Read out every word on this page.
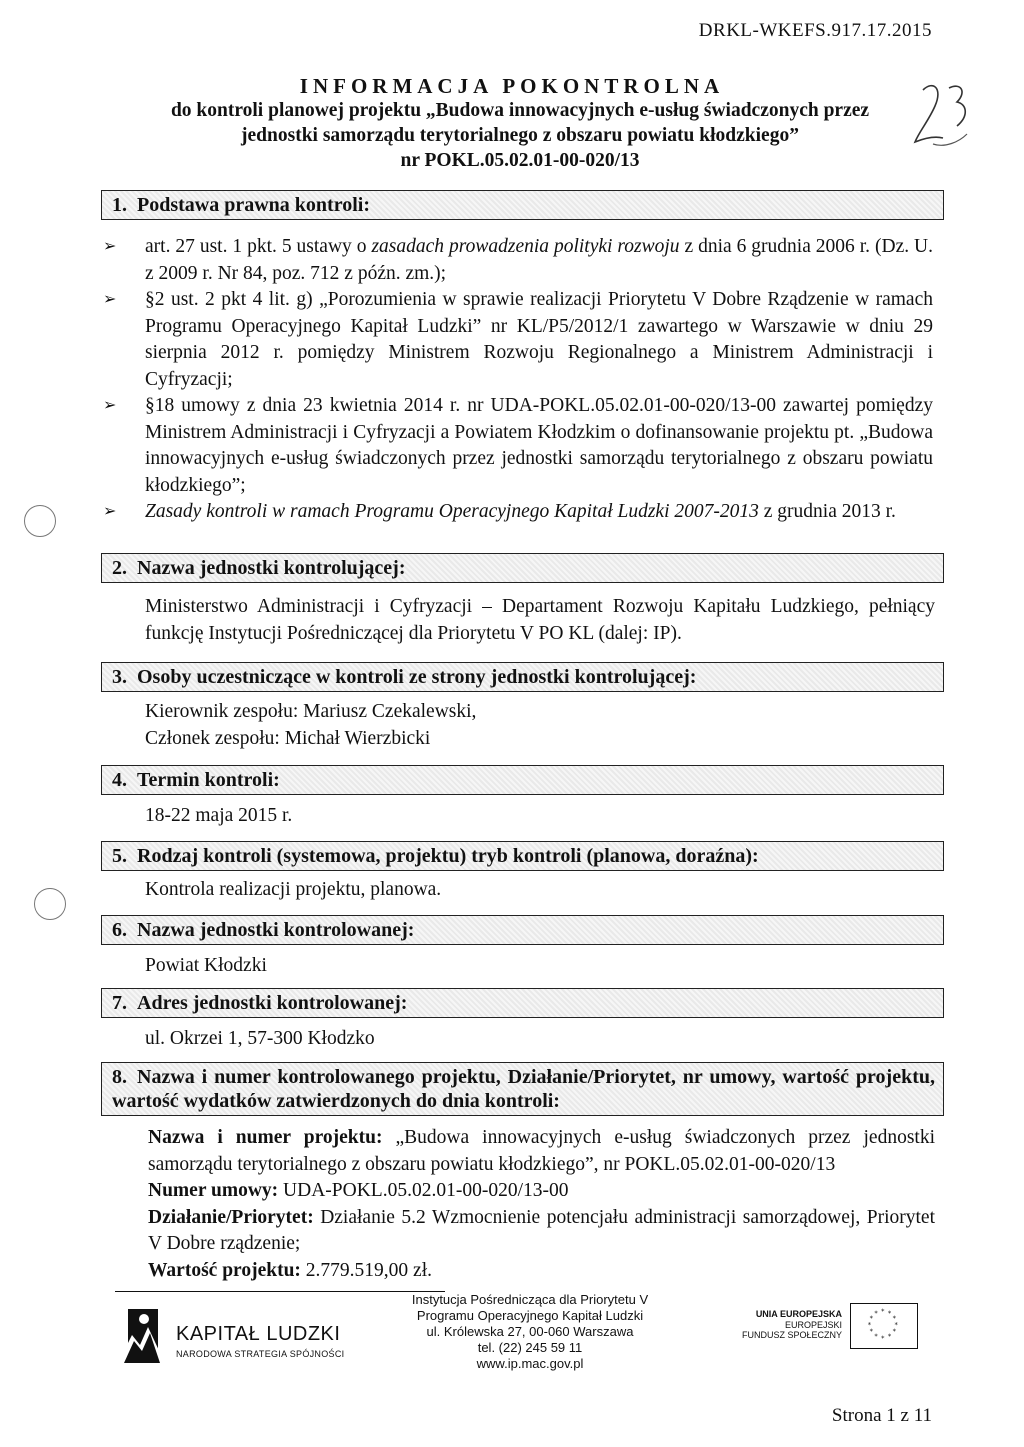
DRKL-WKEFS.917.17.2015
INFORMACJA POKONTROLNA
do kontroli planowej projektu „Budowa innowacyjnych e-usług świadczonych przez
jednostki samorządu terytorialnego z obszaru powiatu kłodzkiego”
nr POKL.05.02.01-00-020/13
1. Podstawa prawna kontroli:
➢ art. 27 ust. 1 pkt. 5 ustawy o zasadach prowadzenia polityki rozwoju z dnia 6 grudnia 2006 r. (Dz. U. z 2009 r. Nr 84, poz. 712 z późn. zm.);
➢ §2 ust. 2 pkt 4 lit. g) „Porozumienia w sprawie realizacji Priorytetu V Dobre Rządzenie w ramach Programu Operacyjnego Kapitał Ludzki” nr KL/P5/2012/1 zawartego w Warszawie w dniu 29 sierpnia 2012 r. pomiędzy Ministrem Rozwoju Regionalnego a Ministrem Administracji i Cyfryzacji;
➢ §18 umowy z dnia 23 kwietnia 2014 r. nr UDA-POKL.05.02.01-00-020/13-00 zawartej pomiędzy Ministrem Administracji i Cyfryzacji a Powiatem Kłodzkim o dofinansowanie projektu pt. „Budowa innowacyjnych e-usług świadczonych przez jednostki samorządu terytorialnego z obszaru powiatu kłodzkiego”;
➢ Zasady kontroli w ramach Programu Operacyjnego Kapitał Ludzki 2007-2013 z grudnia 2013 r.
2. Nazwa jednostki kontrolującej:
Ministerstwo Administracji i Cyfryzacji – Departament Rozwoju Kapitału Ludzkiego, pełniący funkcję Instytucji Pośredniczącej dla Priorytetu V PO KL (dalej: IP).
3. Osoby uczestniczące w kontroli ze strony jednostki kontrolującej:
Kierownik zespołu: Mariusz Czekalewski,
Członek zespołu: Michał Wierzbicki
4. Termin kontroli:
18-22 maja 2015 r.
5. Rodzaj kontroli (systemowa, projektu) tryb kontroli (planowa, doraźna):
Kontrola realizacji projektu, planowa.
6. Nazwa jednostki kontrolowanej:
Powiat Kłodzki
7. Adres jednostki kontrolowanej:
ul. Okrzei 1, 57-300 Kłodzko
8. Nazwa i numer kontrolowanego projektu, Działanie/Priorytet, nr umowy, wartość projektu, wartość wydatków zatwierdzonych do dnia kontroli:
Nazwa i numer projektu: „Budowa innowacyjnych e-usług świadczonych przez jednostki samorządu terytorialnego z obszaru powiatu kłodzkiego”, nr POKL.05.02.01-00-020/13
Numer umowy: UDA-POKL.05.02.01-00-020/13-00
Działanie/Priorytet: Działanie 5.2 Wzmocnienie potencjału administracji samorządowej, Priorytet V Dobre rządzenie;
Wartość projektu: 2.779.519,00 zł.
KAPITAŁ LUDZKI
NARODOWA STRATEGIA SPÓJNOŚCI
Instytucja Pośrednicząca dla Priorytetu V
Programu Operacyjnego Kapitał Ludzki
ul. Królewska 27, 00-060 Warszawa
tel. (22) 245 59 11
www.ip.mac.gov.pl
UNIA EUROPEJSKA
EUROPEJSKI
FUNDUSZ SPOŁECZNY
* *
*
*
*
*
*
*
*
*
*
*
Strona 1 z 11
